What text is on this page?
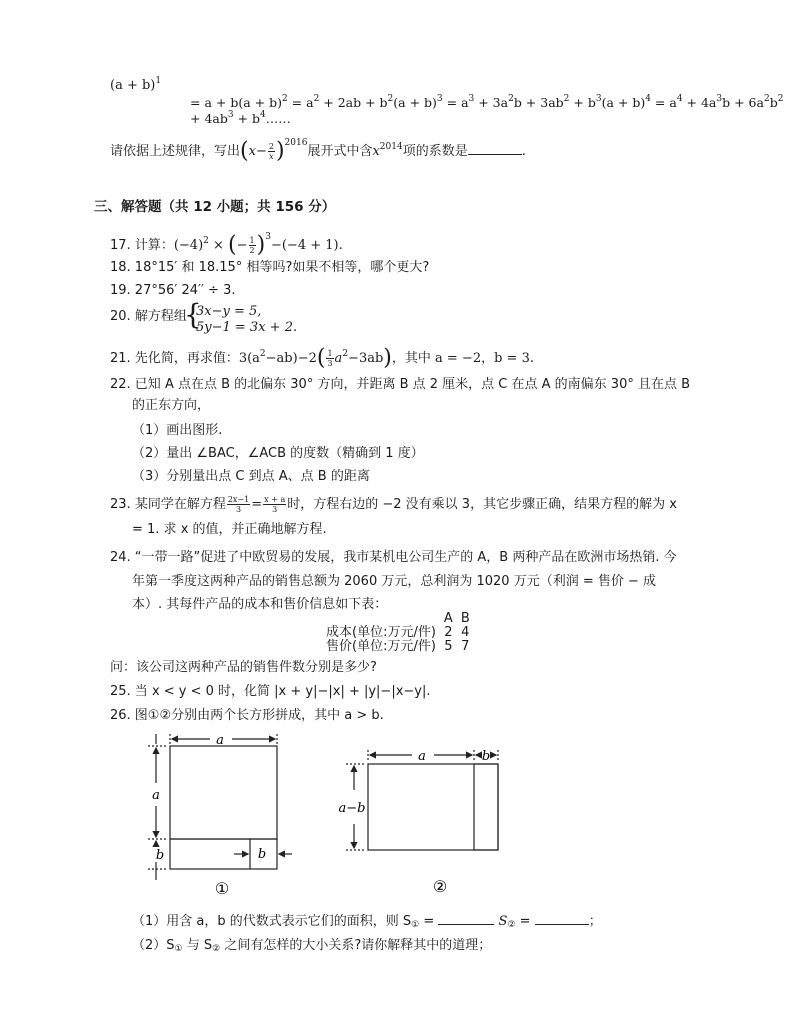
$(a + b)^1$
= $a + b(a + b)^2 = a^2 + 2ab + b^2(a + b)^3 = a^3 + 3a^2b + 3ab^2 + b^3(a + b)^4 = a^4 + 4a^3b + 6a^2b^2$
+ $4ab^3$ + $b^4\dots\dots$
请依据上述规律，写出$(x- \frac{2}{x} )^{2016}$展开式中含$x^{2014}$项的系数是	.
三、解答题（共 12 小题；共 156 分）
17. 计算：$(-4)^2$ × (− $\frac{1}{2} )^3-(-4 + 1)$.
18. 18°15′ 和 18.15° 相等吗?如果不相等，哪个更大?
19. 27°56′ 24′′ ÷ 3.
20. 解方程组
{
3x−y = 5,
5y−1 = 3x + 2.
21. 先化简，再求值：$3(a^2-ab)-2( \frac{1}{3} a^2-3ab)$，其中 a = −2，b = 3.
22. 已知 A 点在点 B 的北偏东 30° 方向，并距离 B 点 2 厘米，点 C 在点 A 的南偏东 30° 且在点 B
的正东方向，
（1）画出图形.
（2）量出 ∠BAC，∠ACB 的度数（精确到 1 度）
（3）分别量出点 C 到点 A、点 B 的距离
23. 某同学在解方程 $\frac{2x-1}{3} = \frac{x + a}{3}$ 时，方程右边的 −2 没有乘以 3，其它步骤正确，结果方程的解为 x
= 1. 求 x 的值，并正确地解方程.
24. “一带一路”促进了中欧贸易的发展，我市某机电公司生产的 A，B 两种产品在欧洲市场热销. 今
年第一季度这两种产品的销售总额为 2060 万元，总利润为 1020 万元（利润 = 售价 − 成
本）. 其每件产品的成本和售价信息如下表：
	A	B
成本(单位:万元/件)	2	4
售价(单位:万元/件)	5	7
问：该公司这两种产品的销售件数分别是多少?
25. 当 x < y < 0 时，化简 |x + y|−|x| + |y|−|x−y|.
26. 图①②分别由两个长方形拼成，其中 a > b.
a
a
b	b
①
a	b
a−b
②
（1）用含 a，b 的代数式表示它们的面积，则 S① =	S② =	；
（2）S① 与 S② 之间有怎样的大小关系?请你解释其中的道理；
